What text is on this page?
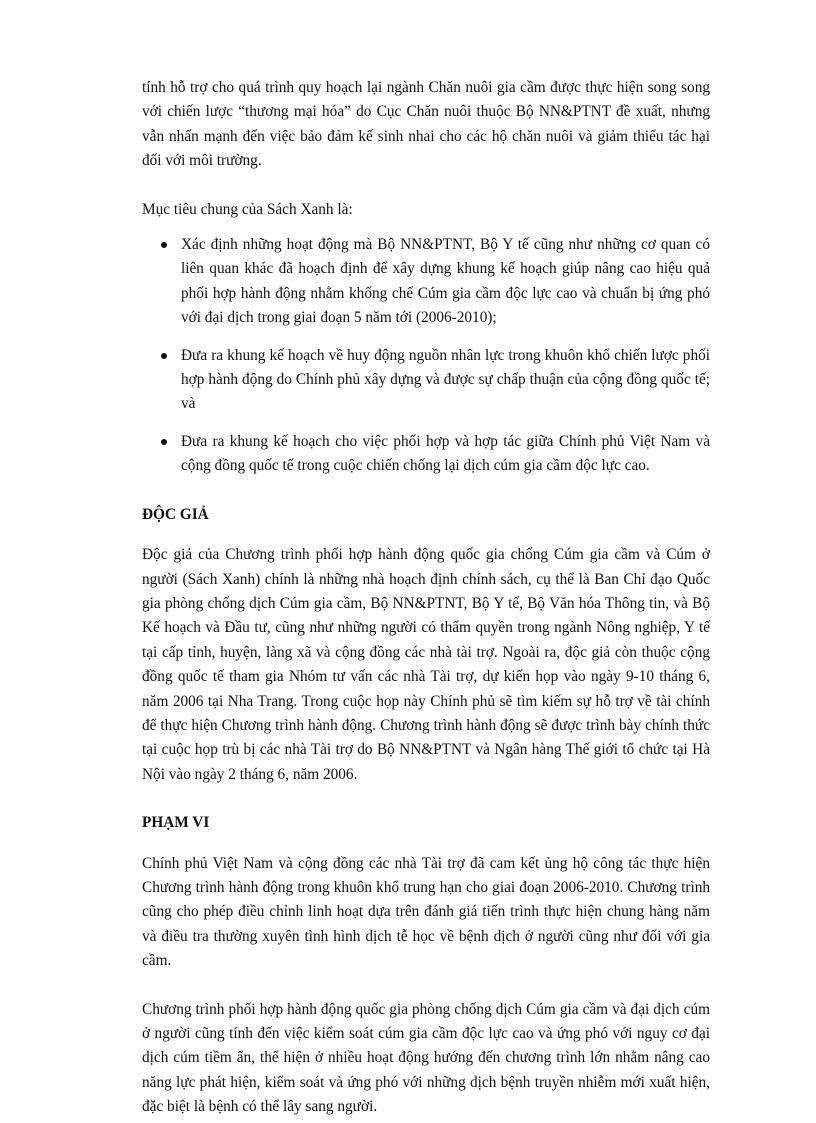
tính hỗ trợ cho quá trình quy hoạch lại ngành Chăn nuôi gia cầm được thực hiện song song với chiến lược “thương mại hóa” do Cục Chăn nuôi thuộc Bộ NN&PTNT đề xuất, nhưng vẫn nhấn mạnh đến việc bảo đảm kế sinh nhai cho các hộ chăn nuôi và giảm thiểu tác hại đối với môi trường.

Mục tiêu chung của Sách Xanh là:

Xác định những hoạt động mà Bộ NN&PTNT, Bộ Y tế cũng như những cơ quan có liên quan khác đã hoạch định để xây dựng khung kế hoạch giúp nâng cao hiệu quả phối hợp hành động nhằm khống chế Cúm gia cầm độc lực cao và chuẩn bị ứng phó với đại dịch trong giai đoạn 5 năm tới (2006-2010);
Đưa ra khung kế hoạch về huy động nguồn nhân lực trong khuôn khổ chiến lược phối hợp hành động do Chính phủ xây dựng và được sự chấp thuận của cộng đồng quốc tế; và
Đưa ra khung kế hoạch cho việc phối hợp và hợp tác giữa Chính phủ Việt Nam và cộng đồng quốc tế trong cuộc chiến chống lại dịch cúm gia cầm độc lực cao.
ĐỘC GIẢ

Độc giả của Chương trình phối hợp hành động quốc gia chống Cúm gia cầm và Cúm ở người (Sách Xanh) chính là những nhà hoạch định chính sách, cụ thể là Ban Chỉ đạo Quốc gia phòng chống dịch Cúm gia cầm, Bộ NN&PTNT, Bộ Y tế, Bộ Văn hóa Thông tin, và Bộ Kế hoạch và Đầu tư, cũng như những người có thẩm quyền trong ngành Nông nghiệp, Y tế tại cấp tỉnh, huyện, làng xã và cộng đồng các nhà tài trợ. Ngoài ra, độc giả còn thuộc cộng đồng quốc tế tham gia Nhóm tư vấn các nhà Tài trợ, dự kiến họp vào ngày 9-10 tháng 6, năm 2006 tại Nha Trang. Trong cuộc họp này Chính phủ sẽ tìm kiếm sự hỗ trợ về tài chính để thực hiện Chương trình hành động. Chương trình hành động sẽ được trình bày chính thức tại cuộc họp trù bị các nhà Tài trợ do Bộ NN&PTNT và Ngân hàng Thế giới tổ chức tại Hà Nội vào ngày 2 tháng 6, năm 2006.

PHẠM VI

Chính phủ Việt Nam và cộng đồng các nhà Tài trợ đã cam kết ủng hộ công tác thực hiện Chương trình hành động trong khuôn khổ trung hạn cho giai đoạn 2006-2010. Chương trình cũng cho phép điều chỉnh linh hoạt dựa trên đánh giá tiến trình thực hiện chung hàng năm và điều tra thường xuyên tình hình dịch tễ học về bệnh dịch ở người cũng như đối với gia cầm.

Chương trình phối hợp hành động quốc gia phòng chống dịch Cúm gia cầm và đại dịch cúm ở người cũng tính đến việc kiểm soát cúm gia cầm độc lực cao và ứng phó với nguy cơ đại dịch cúm tiềm ẩn, thể hiện ở nhiều hoạt động hướng đến chương trình lớn nhằm nâng cao năng lực phát hiện, kiểm soát và ứng phó với những dịch bệnh truyền nhiễm mới xuất hiện, đặc biệt là bệnh có thể lây sang người.
